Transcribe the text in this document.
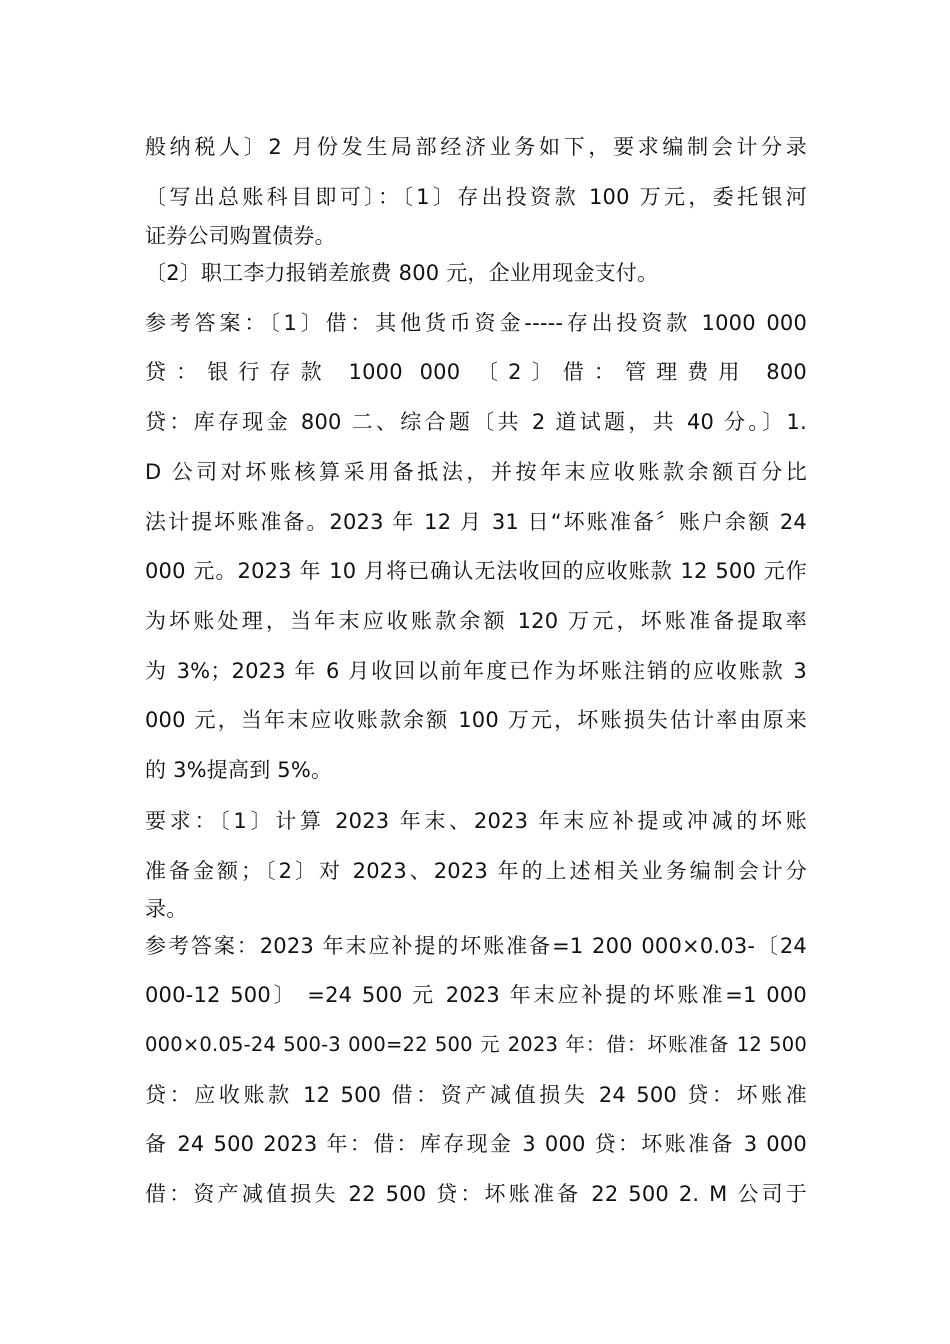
般纳税人〕2 月份发生局部经济业务如下，要求编制会计分录
〔写出总账科目即可〕：〔1〕存出投资款 100 万元，委托银河
证券公司购置债券。
〔2〕职工李力报销差旅费 800 元，企业用现金支付。
参考答案：〔1〕借：其他货币资金-----存出投资款 1000 000
贷：银行存款 1000 000 〔2〕借：管理费用 800
贷：库存现金 800 二、综合题〔共 2 道试题，共 40 分。〕1.
D 公司对坏账核算采用备抵法，并按年末应收账款余额百分比
法计提坏账准备。2023 年 12 月 31 日“坏账准备〞账户余额 24
000 元。2023 年 10 月将已确认无法收回的应收账款 12 500 元作
为坏账处理，当年末应收账款余额 120 万元，坏账准备提取率
为 3%；2023 年 6 月收回以前年度已作为坏账注销的应收账款 3
000 元，当年末应收账款余额 100 万元，坏账损失估计率由原来
的 3%提高到 5%。
要求：〔1〕计算 2023 年末、2023 年末应补提或冲减的坏账
准备金额；〔2〕对 2023、2023 年的上述相关业务编制会计分
录。
参考答案：2023 年末应补提的坏账准备=1 200 000×0.03-〔24
000-12 500〕 =24 500 元 2023 年末应补提的坏账准=1 000
000×0.05-24 500-3 000=22 500 元 2023 年：借：坏账准备 12 500
贷：应收账款 12 500 借：资产减值损失 24 500 贷：坏账准
备 24 500 2023 年：借：库存现金 3 000 贷：坏账准备 3 000
借：资产减值损失 22 500 贷：坏账准备 22 500 2. M 公司于
